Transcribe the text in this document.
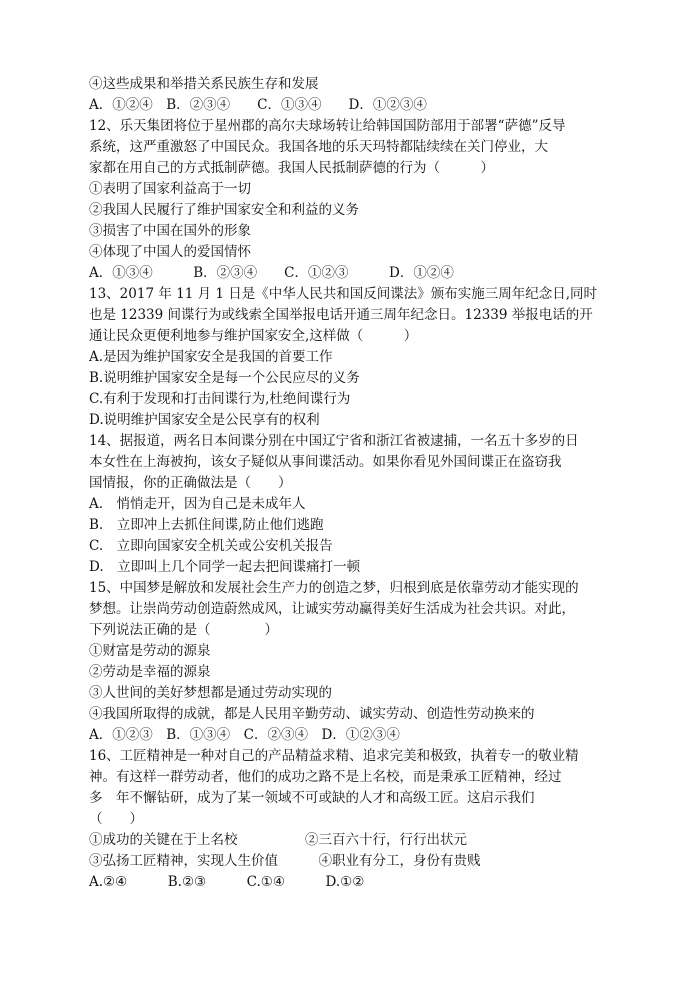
④这些成果和举措关系民族生存和发展
A．①②④　B．②③④　　C．①③④　　D．①②③④
12、乐天集团将位于星州郡的高尔夫球场转让给韩国国防部用于部署“萨德”反导
系统，这严重激怒了中国民众。我国各地的乐天玛特都陆续续在关门停业，大
家都在用自己的方式抵制萨德。我国人民抵制萨德的行为（　　　）
①表明了国家利益高于一切
②我国人民履行了维护国家安全和利益的义务
③损害了中国在国外的形象
④体现了中国人的爱国情怀
A．①③④　　　B．②③④　　C．①②③　　　D．①②④
13、2017 年 11 月 1 日是《中华人民共和国反间谍法》颁布实施三周年纪念日,同时
也是 12339 间谍行为或线索全国举报电话开通三周年纪念日。12339 举报电话的开
通让民众更便利地参与维护国家安全,这样做（　　　）
A.是因为维护国家安全是我国的首要工作
B.说明维护国家安全是每一个公民应尽的义务
C.有利于发现和打击间谍行为,杜绝间谍行为
D.说明维护国家安全是公民享有的权利
14、据报道，两名日本间谍分别在中国辽宁省和浙江省被逮捕，一名五十多岁的日
本女性在上海被拘，该女子疑似从事间谍活动。如果你看见外国间谍正在盗窃我
国情报，你的正确做法是（　　）
A.　悄悄走开，因为自己是未成年人
B.　立即冲上去抓住间谍,防止他们逃跑
C.　立即向国家安全机关或公安机关报告
D.　立即叫上几个同学一起去把间谍痛打一顿
15、中国梦是解放和发展社会生产力的创造之梦，归根到底是依靠劳动才能实现的
梦想。让崇尚劳动创造蔚然成风，让诚实劳动赢得美好生活成为社会共识。对此，
下列说法正确的是（　　　　）
①财富是劳动的源泉
②劳动是幸福的源泉
③人世间的美好梦想都是通过劳动实现的
④我国所取得的成就，都是人民用辛勤劳动、诚实劳动、创造性劳动换来的
A．①②③　B．①③④　C．②③④　D．①②③④
16、工匠精神是一种对自己的产品精益求精、追求完美和极致，执着专一的敬业精
神。有这样一群劳动者，他们的成功之路不是上名校，而是秉承工匠精神，经过
多　年不懈钻研，成为了某一领域不可或缺的人才和高级工匠。这启示我们
（　　）
①成功的关键在于上名校　　　　　②三百六十行，行行出状元
③弘扬工匠精神，实现人生价值　　　④职业有分工，身份有贵贱
A.②④　　　B.②③　　　C.①④　　　D.①②
